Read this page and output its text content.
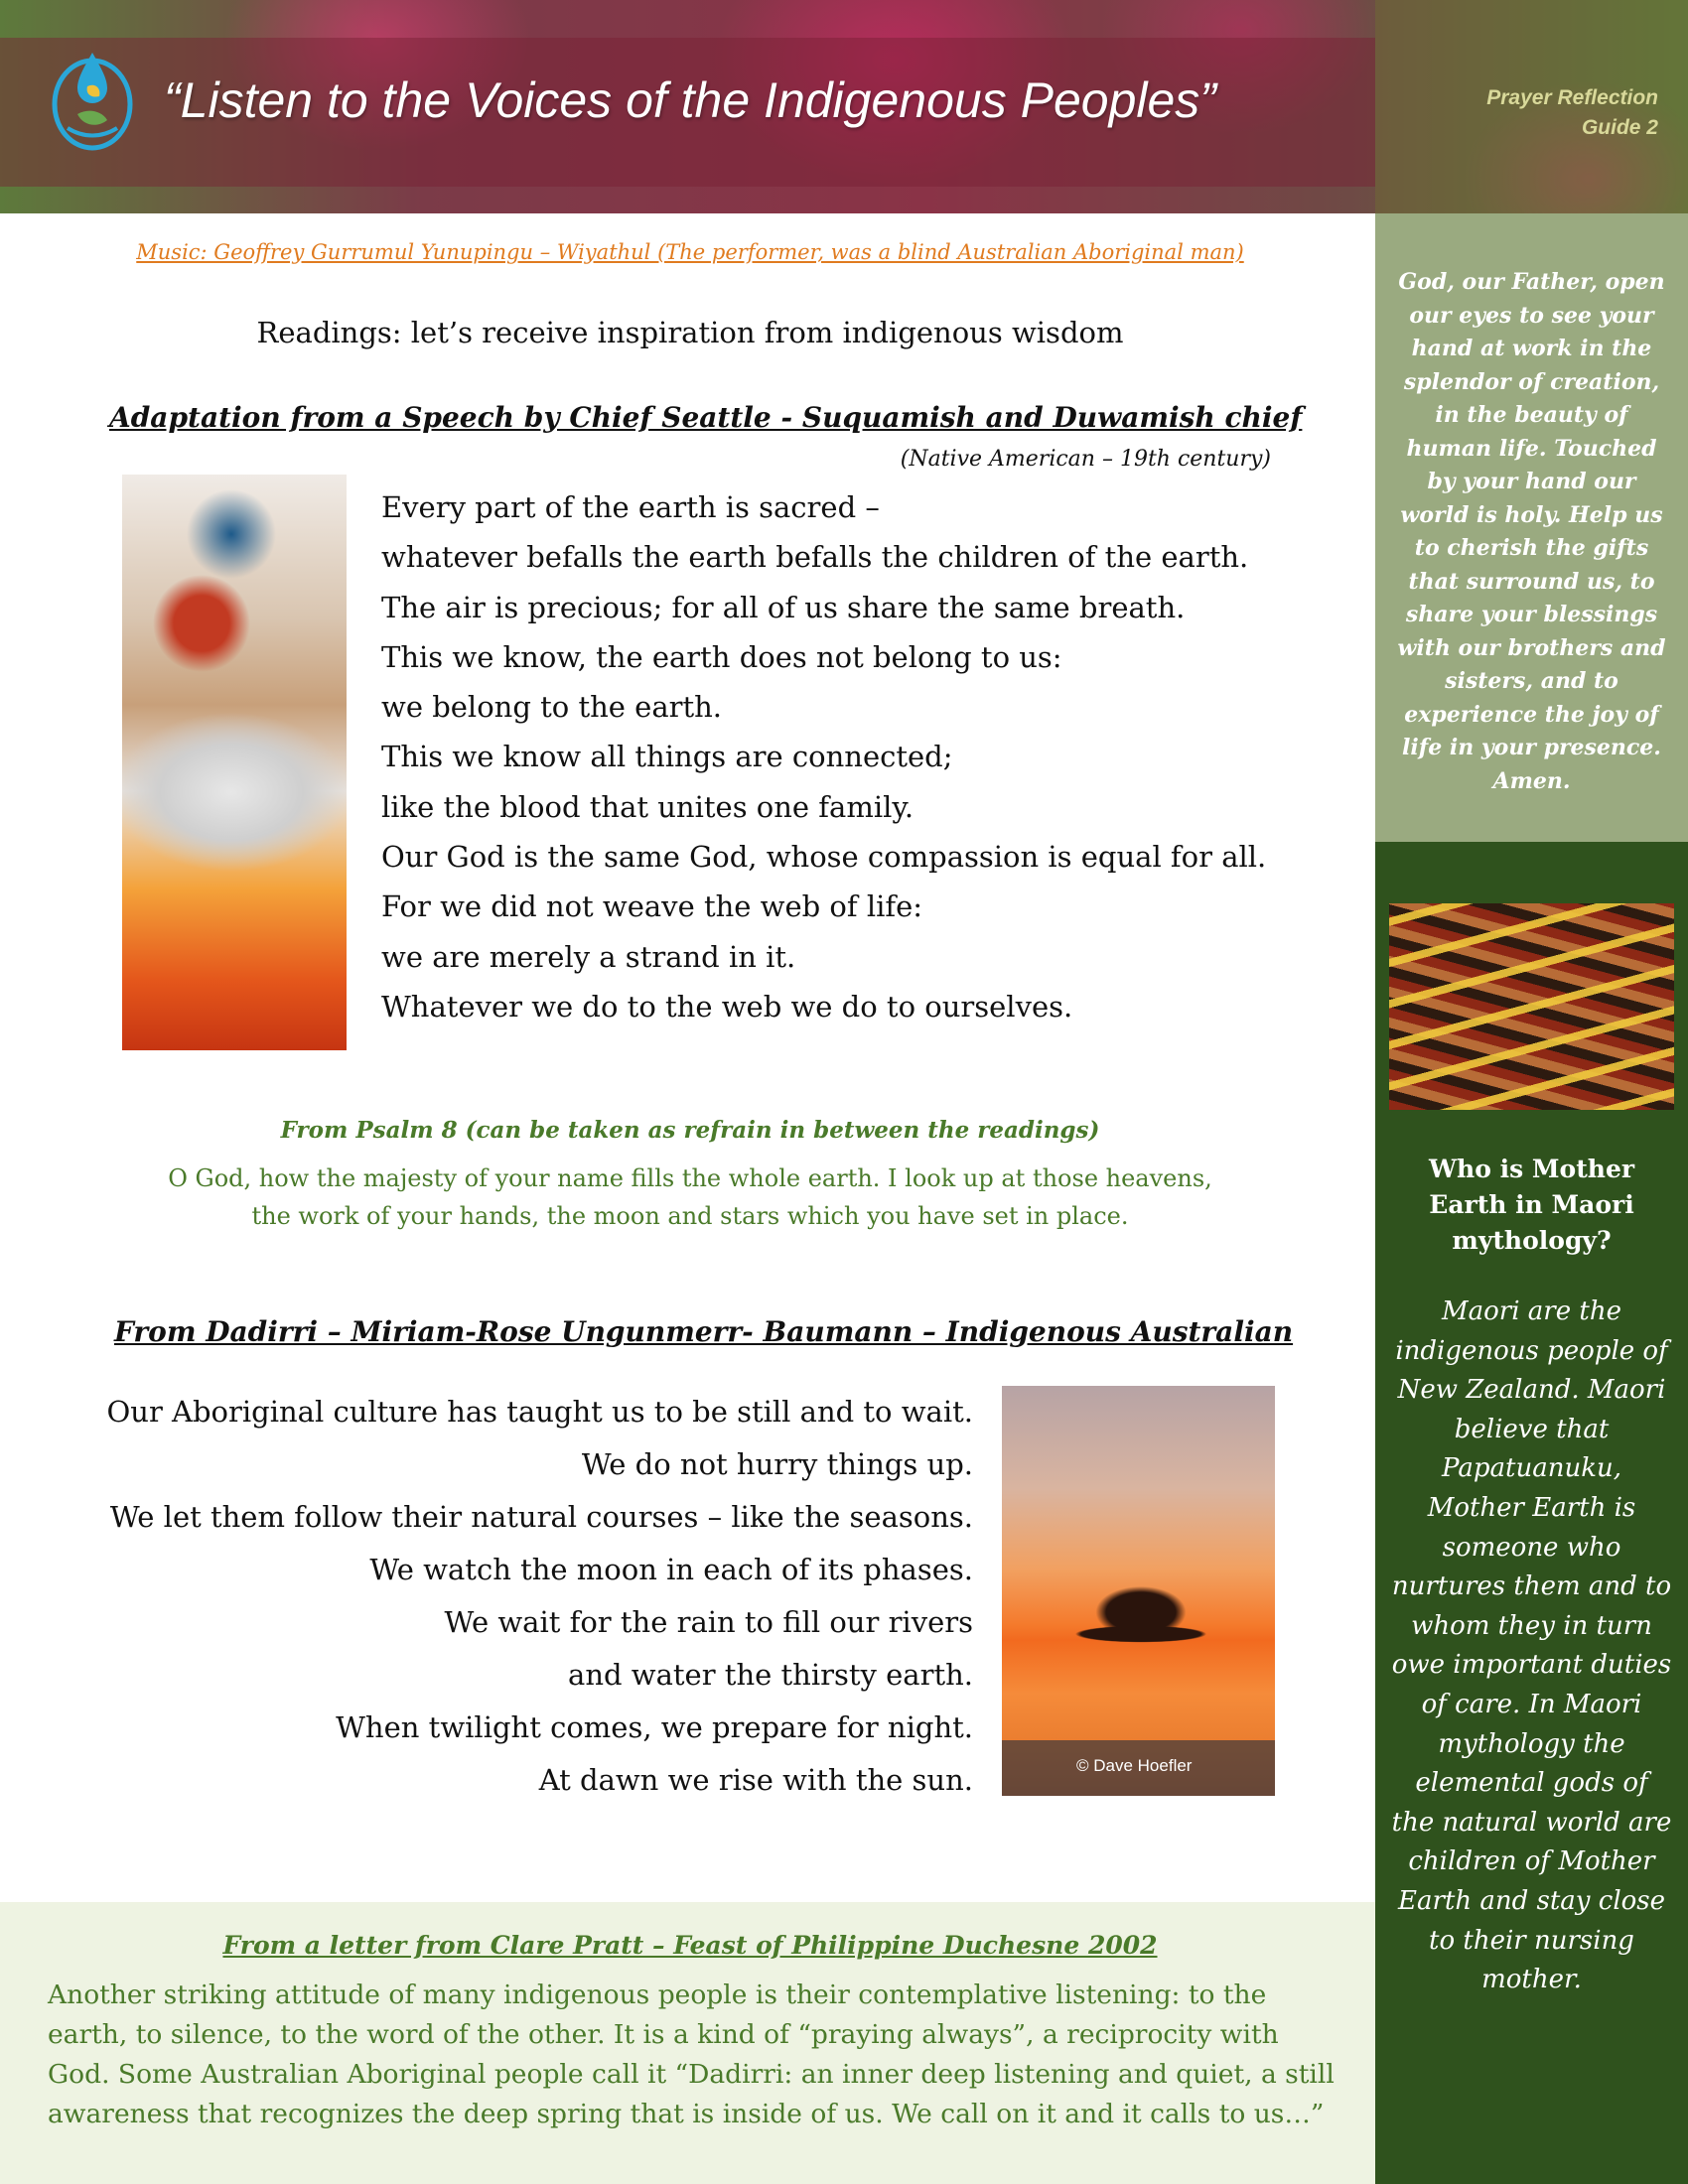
“Listen to the Voices of the Indigenous Peoples”	Prayer Reflection
Guide 2
God, our Father, open our eyes to see your hand at work in the splendor of creation, in the beauty of human life. Touched by your hand our world is holy. Help us to cherish the gifts that surround us, to share your blessings with our brothers and sisters, and to experience the joy of life in your presence. Amen.
Who is Mother Earth in Maori mythology?
Maori are the indigenous people of New Zealand. Maori believe that Papatuanuku, Mother Earth is someone who nurtures them and to whom they in turn owe important duties of care. In Maori mythology the elemental gods of the natural world are children of Mother Earth and stay close to their nursing mother.
Music: Geoffrey Gurrumul Yunupingu – Wiyathul (The performer, was a blind Australian Aboriginal man)
Readings: let’s receive inspiration from indigenous wisdom
Adaptation from a Speech by Chief Seattle - Suquamish and Duwamish chief
(Native American – 19th century)
Every part of the earth is sacred –
whatever befalls the earth befalls the children of the earth.
The air is precious; for all of us share the same breath.
This we know, the earth does not belong to us:
we belong to the earth.
This we know all things are connected;
like the blood that unites one family.
Our God is the same God, whose compassion is equal for all.
For we did not weave the web of life:
we are merely a strand in it.
Whatever we do to the web we do to ourselves.
From Psalm 8 (can be taken as refrain in between the readings)
O God, how the majesty of your name fills the whole earth. I look up at those heavens,
the work of your hands, the moon and stars which you have set in place.
From Dadirri – Miriam-Rose Ungunmerr- Baumann – Indigenous Australian
Our Aboriginal culture has taught us to be still and to wait.
We do not hurry things up.
We let them follow their natural courses – like the seasons.
We watch the moon in each of its phases.
We wait for the rain to fill our rivers
and water the thirsty earth.
When twilight comes, we prepare for night.
At dawn we rise with the sun.	© Dave Hoefler
From a letter from Clare Pratt – Feast of Philippine Duchesne 2002
Another striking attitude of many indigenous people is their contemplative listening: to the earth, to silence, to the word of the other. It is a kind of “praying always”, a reciprocity with God. Some Australian Aboriginal people call it “Dadirri: an inner deep listening and quiet, a still awareness that recognizes the deep spring that is inside of us. We call on it and it calls to us…”
